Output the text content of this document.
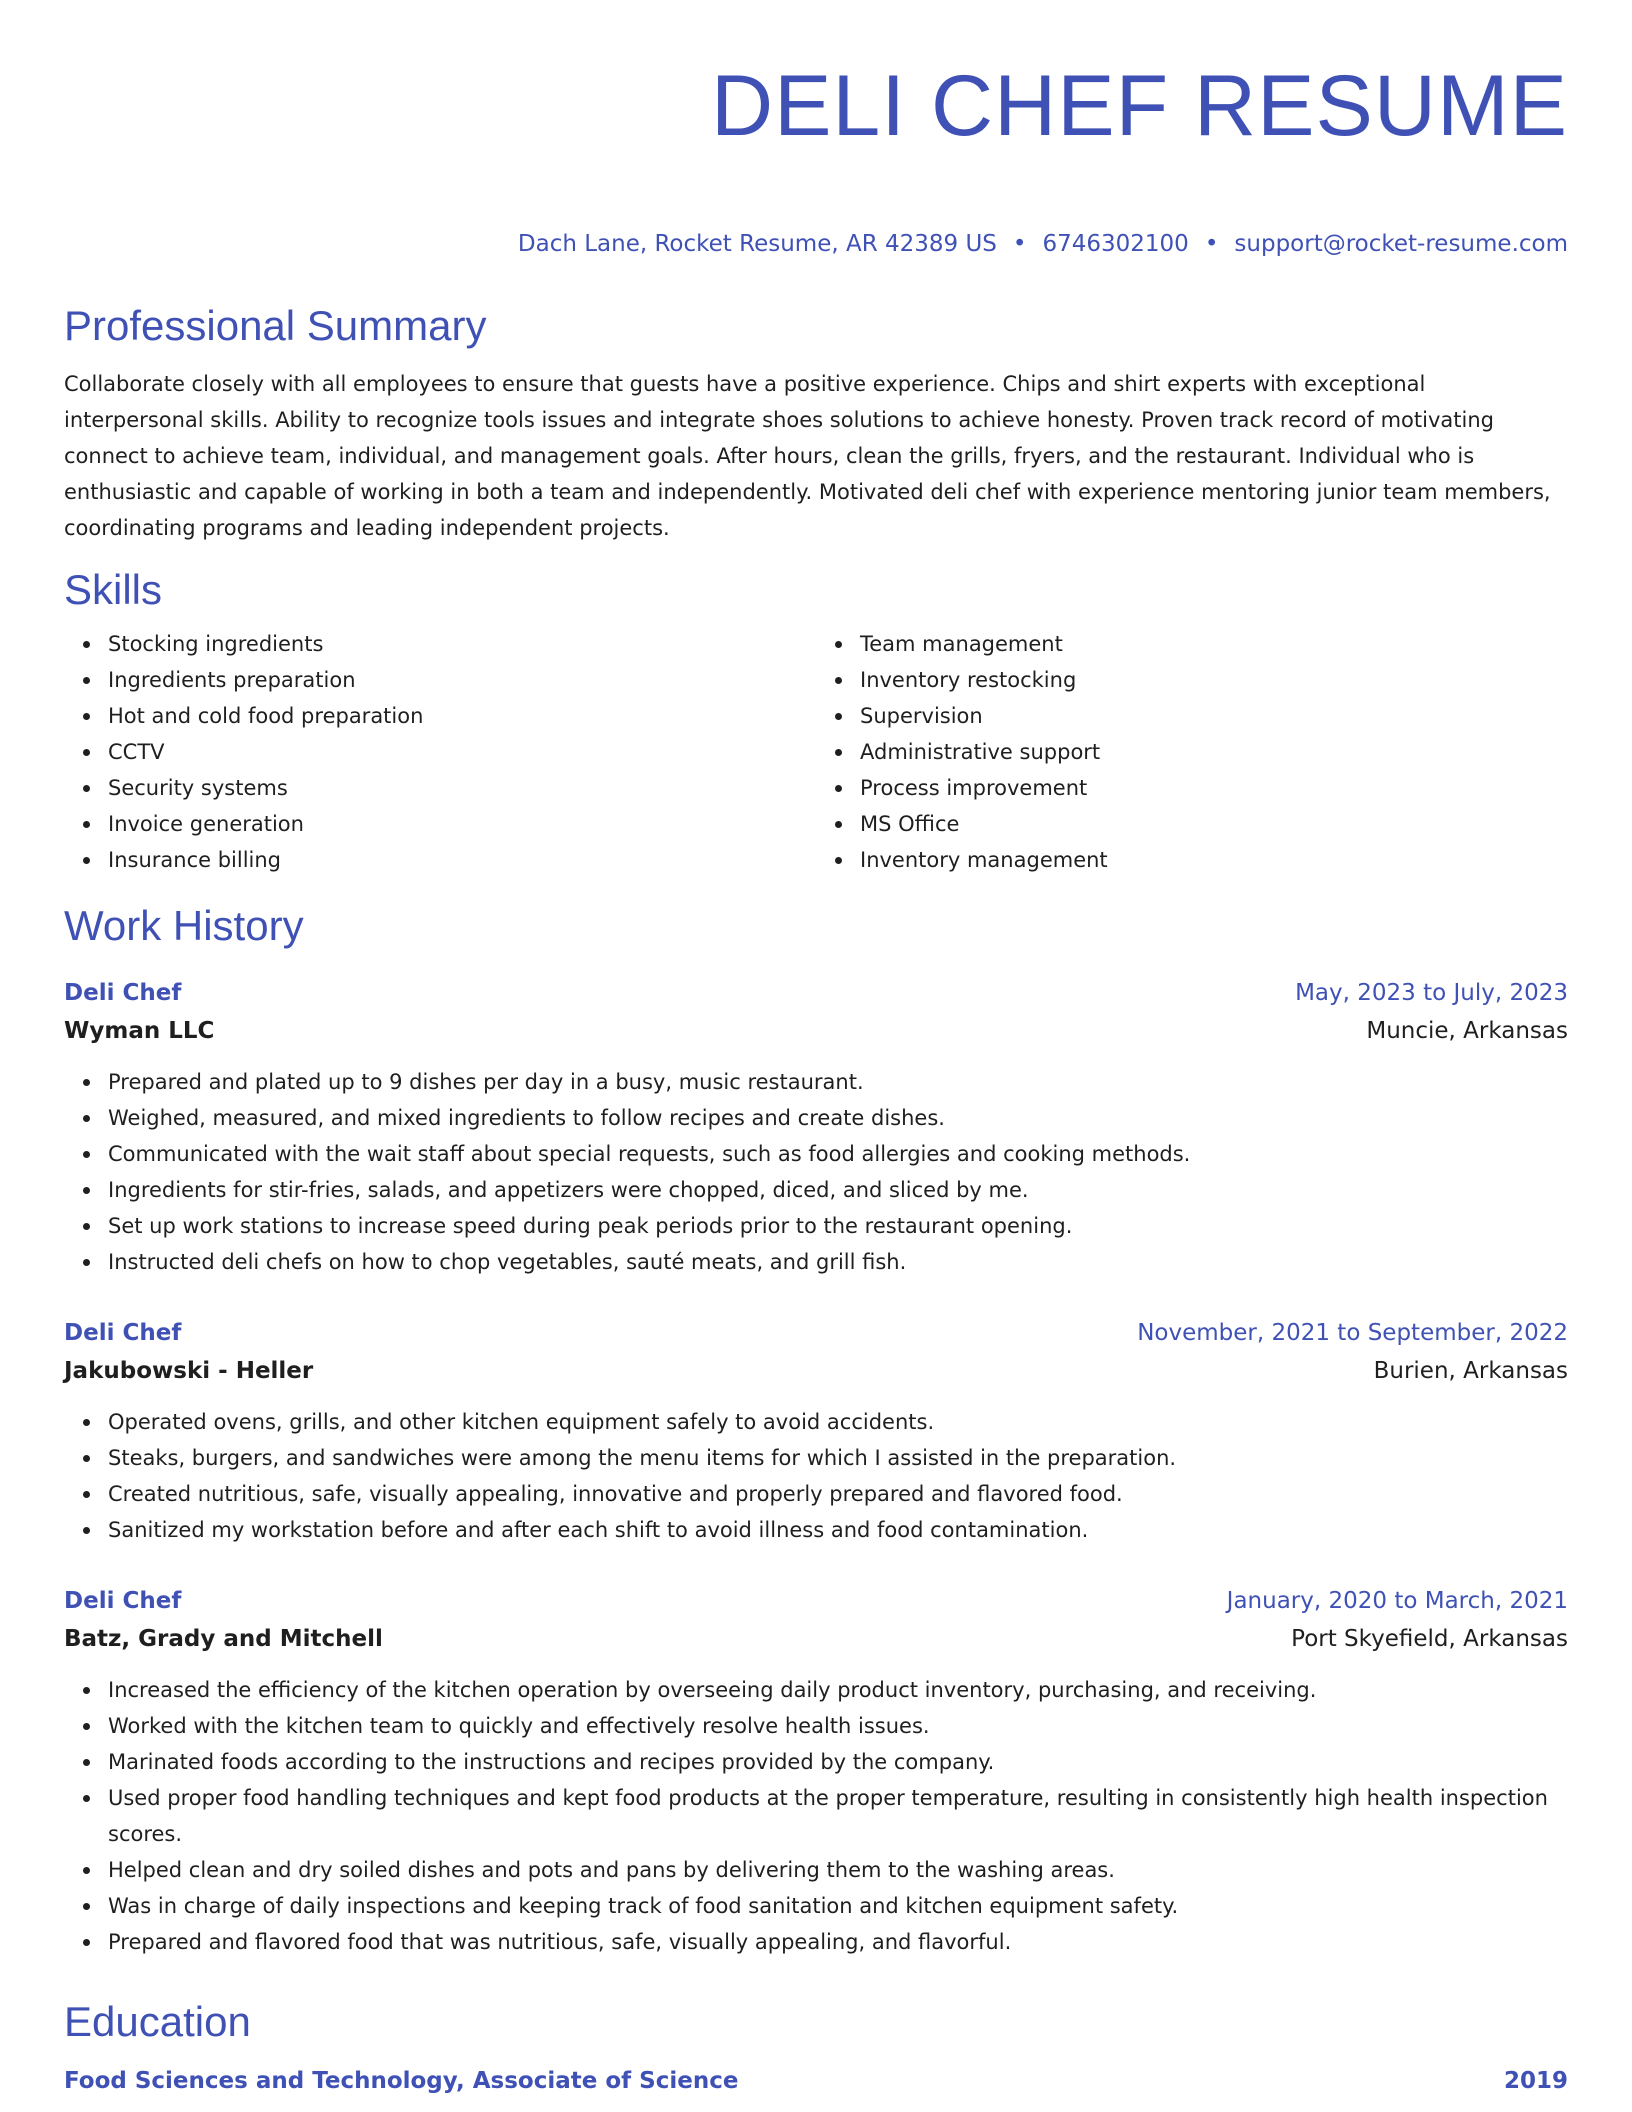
DELI CHEF RESUME
Dach Lane, Rocket Resume, AR 42389 US • 6746302100 • support@rocket-resume.com
Professional Summary

Collaborate closely with all employees to ensure that guests have a positive experience. Chips and shirt experts with exceptional interpersonal skills. Ability to recognize tools issues and integrate shoes solutions to achieve honesty. Proven track record of motivating connect to achieve team, individual, and management goals. After hours, clean the grills, fryers, and the restaurant. Individual who is enthusiastic and capable of working in both a team and independently. Motivated deli chef with experience mentoring junior team members, coordinating programs and leading independent projects.

Skills
Stocking ingredients
Ingredients preparation
Hot and cold food preparation
CCTV
Security systems
Invoice generation
Insurance billing
Team management
Inventory restocking
Supervision
Administrative support
Process improvement
MS Office
Inventory management
Work History
Deli Chef	May, 2023 to July, 2023
Wyman LLC	Muncie, Arkansas
Prepared and plated up to 9 dishes per day in a busy, music restaurant.
Weighed, measured, and mixed ingredients to follow recipes and create dishes.
Communicated with the wait staff about special requests, such as food allergies and cooking methods.
Ingredients for stir-fries, salads, and appetizers were chopped, diced, and sliced by me.
Set up work stations to increase speed during peak periods prior to the restaurant opening.
Instructed deli chefs on how to chop vegetables, sauté meats, and grill fish.
Deli Chef	November, 2021 to September, 2022
Jakubowski - Heller	Burien, Arkansas
Operated ovens, grills, and other kitchen equipment safely to avoid accidents.
Steaks, burgers, and sandwiches were among the menu items for which I assisted in the preparation.
Created nutritious, safe, visually appealing, innovative and properly prepared and flavored food.
Sanitized my workstation before and after each shift to avoid illness and food contamination.
Deli Chef	January, 2020 to March, 2021
Batz, Grady and Mitchell	Port Skyefield, Arkansas
Increased the efficiency of the kitchen operation by overseeing daily product inventory, purchasing, and receiving.
Worked with the kitchen team to quickly and effectively resolve health issues.
Marinated foods according to the instructions and recipes provided by the company.
Used proper food handling techniques and kept food products at the proper temperature, resulting in consistently high health inspection scores.
Helped clean and dry soiled dishes and pots and pans by delivering them to the washing areas.
Was in charge of daily inspections and keeping track of food sanitation and kitchen equipment safety.
Prepared and flavored food that was nutritious, safe, visually appealing, and flavorful.
Education
Food Sciences and Technology, Associate of Science	2019
